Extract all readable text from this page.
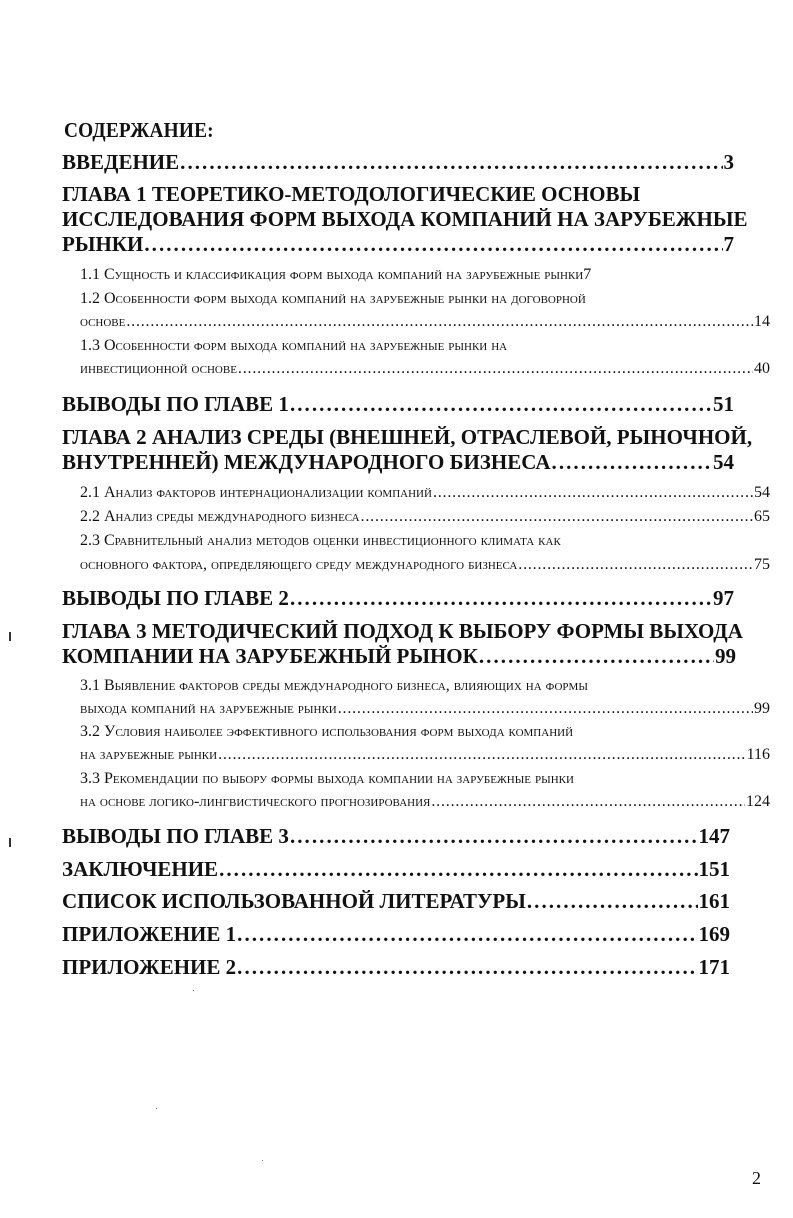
СОДЕРЖАНИЕ:
ВВЕДЕНИЕ . . .	3
ГЛАВА 1 ТЕОРЕТИКО-МЕТОДОЛОГИЧЕСКИЕ ОСНОВЫ
ИССЛЕДОВАНИЯ ФОРМ ВЫХОДА КОМПАНИЙ НА ЗАРУБЕЖНЫЕ
РЫНКИ . . .	7
1.1 Сущность и классификация форм выхода компаний на зарубежные рынки 7
1.2 Особенности форм выхода компаний на зарубежные рынки на договорной
основе . . .	14
1.3 Особенности форм выхода компаний на зарубежные рынки на
инвестиционной основе . . .	40
ВЫВОДЫ ПО ГЛАВЕ 1 . . .	51
ГЛАВА 2 АНАЛИЗ СРЕДЫ (ВНЕШНЕЙ, ОТРАСЛЕВОЙ, РЫНОЧНОЙ,
ВНУТРЕННЕЙ) МЕЖДУНАРОДНОГО БИЗНЕСА . . .	54
2.1 Анализ факторов интернационализации компаний . . .	54
2.2 Анализ среды международного бизнеса . . .	65
2.3 Сравнительный анализ методов оценки инвестиционного климата как
основного фактора, определяющего среду международного бизнеса . . .	75
ВЫВОДЫ ПО ГЛАВЕ 2 . . .	97
ГЛАВА 3 МЕТОДИЧЕСКИЙ ПОДХОД К ВЫБОРУ ФОРМЫ ВЫХОДА
КОМПАНИИ НА ЗАРУБЕЖНЫЙ РЫНОК . . .	99
3.1 Выявление факторов среды международного бизнеса, влияющих на формы
выхода компаний на зарубежные рынки . . .	99
3.2 Условия наиболее эффективного использования форм выхода компаний
на зарубежные рынки . . .	116
3.3 Рекомендации по выбору формы выхода компании на зарубежные рынки
на основе логико-лингвистического прогнозирования . . .	124
ВЫВОДЫ ПО ГЛАВЕ 3 . . .	147
ЗАКЛЮЧЕНИЕ . . .	151
СПИСОК ИСПОЛЬЗОВАННОЙ ЛИТЕРАТУРЫ . . .	161
ПРИЛОЖЕНИЕ 1 . . .	169
ПРИЛОЖЕНИЕ 2 . . .	171
2
